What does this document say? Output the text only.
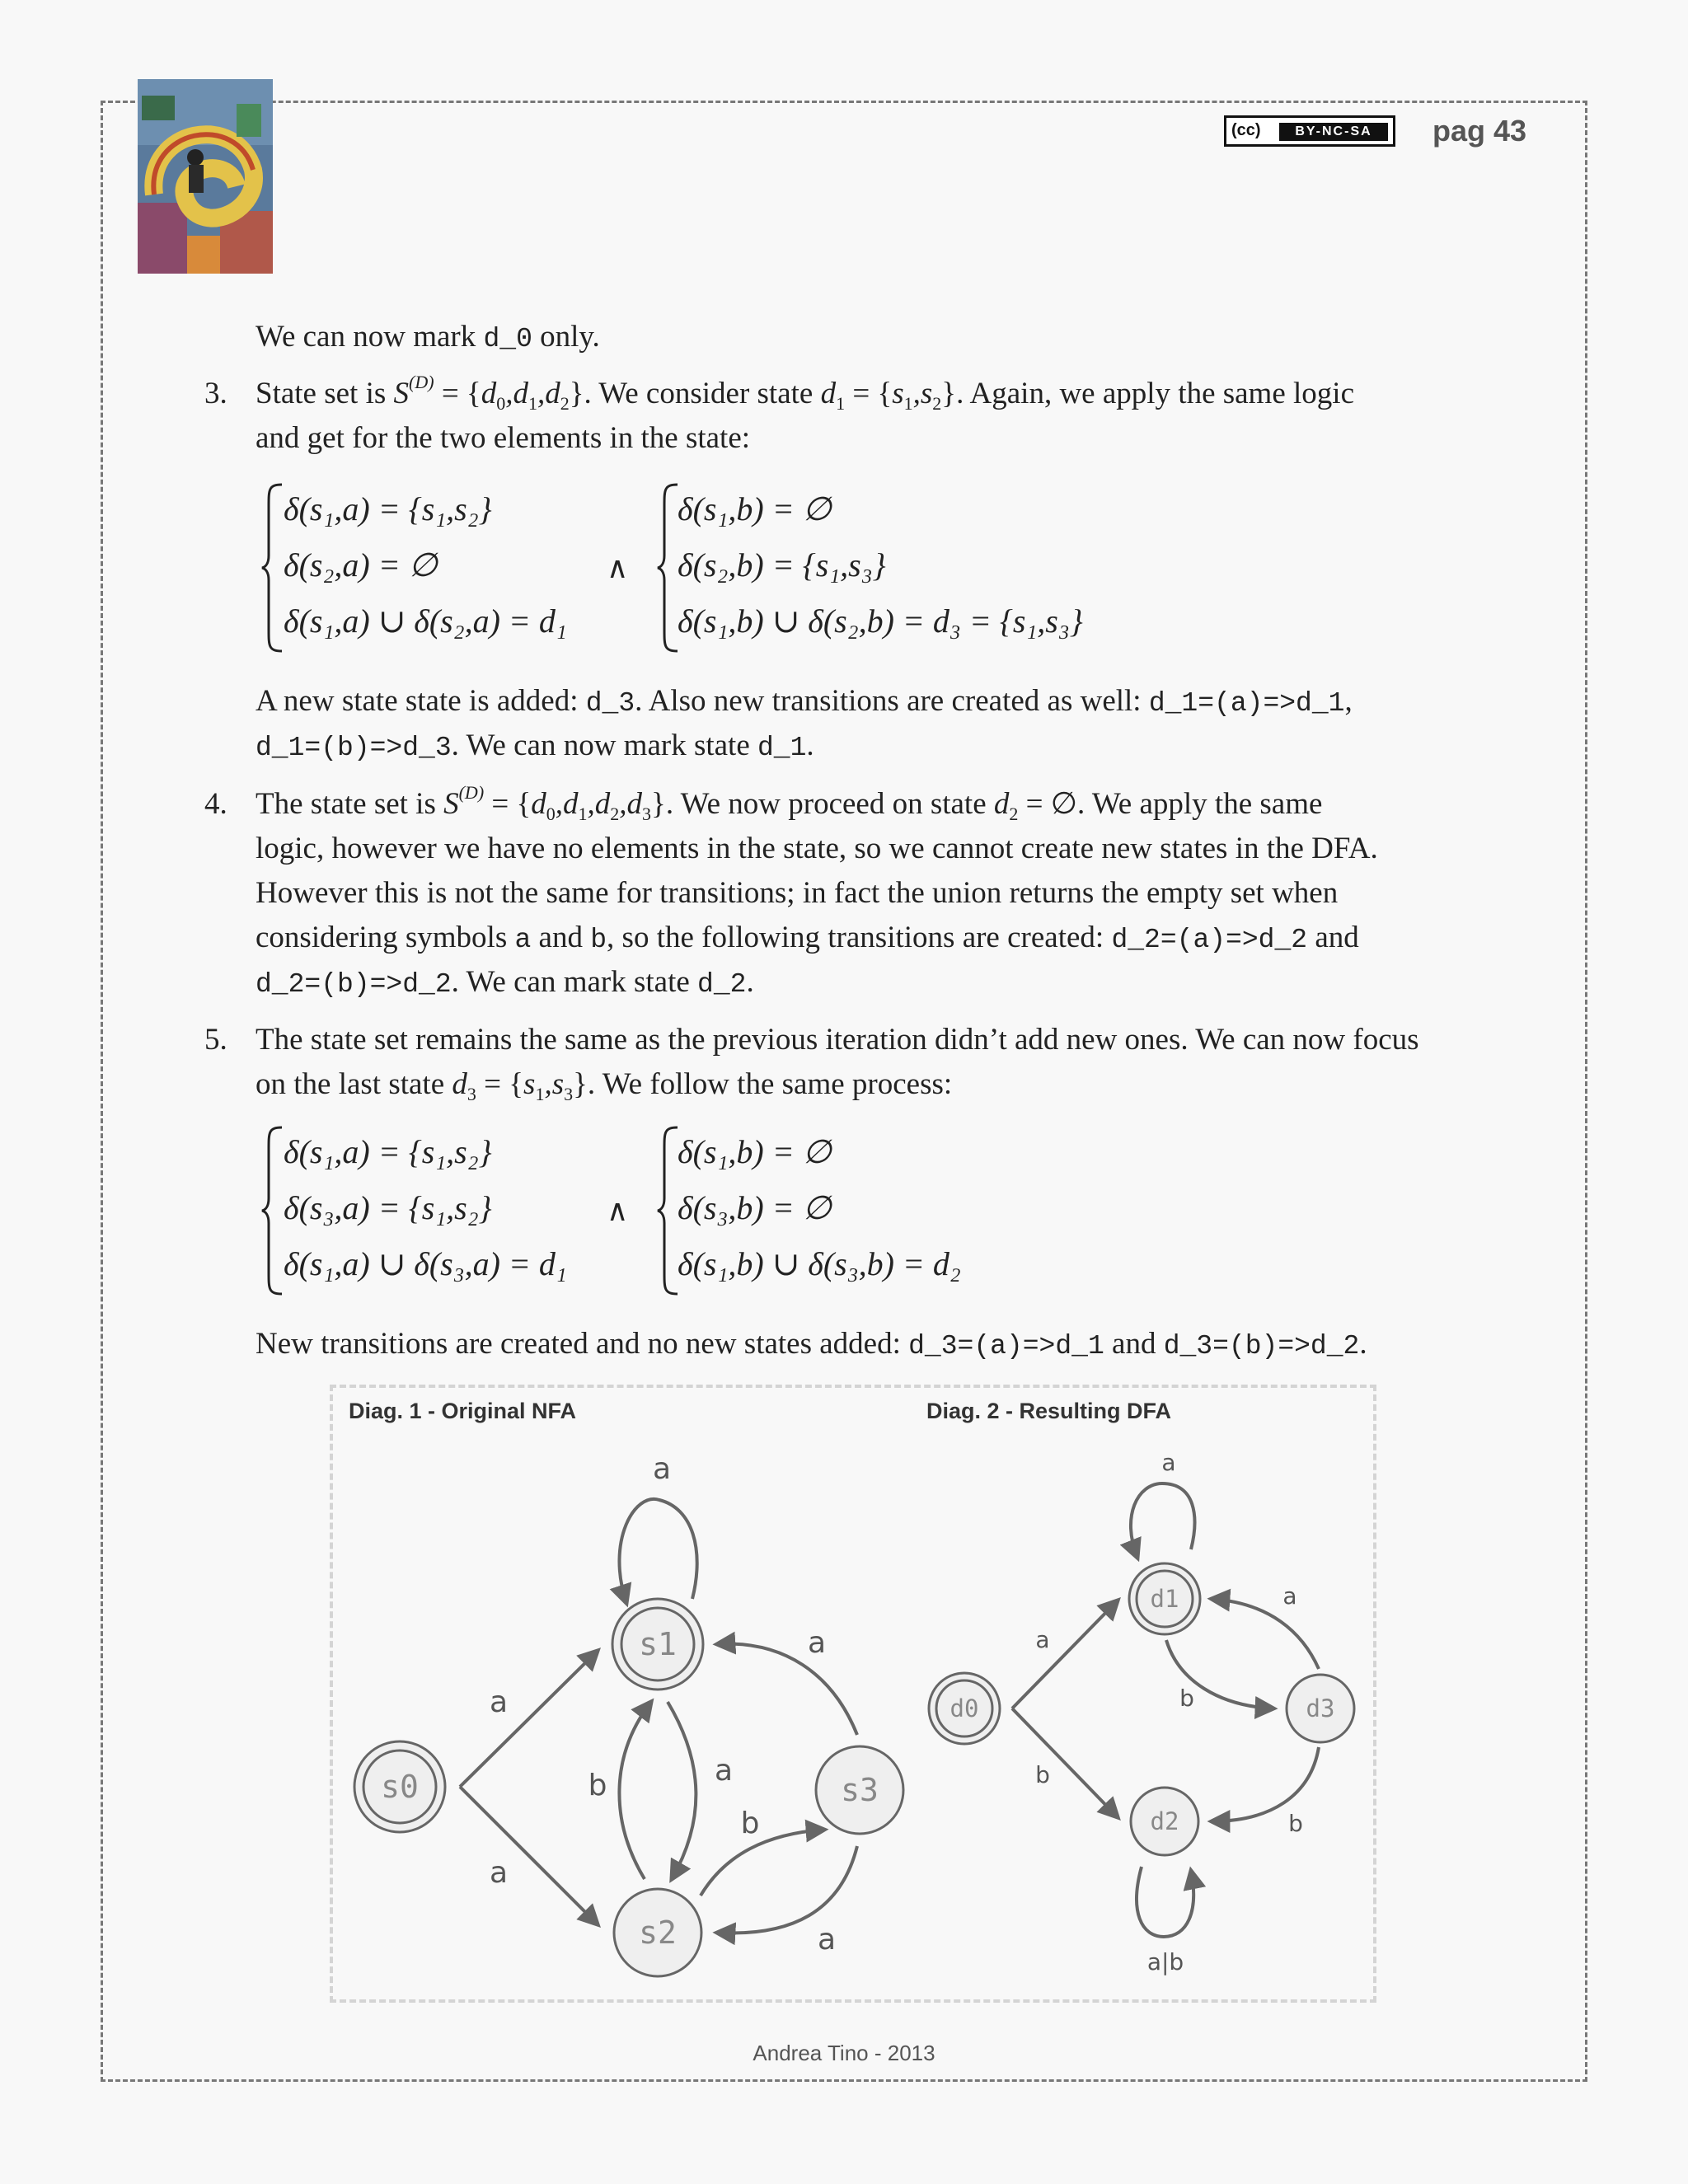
(cc)	BY-NC-SA	pag 43
We can now mark d_0 only.
3. State set is $S^{(D)} = \{d_0,d_1,d_2\}$. We consider state $d_1 = \{s_1,s_2\}$. Again, we apply the same logic
and get for the two elements in the state:
δ(s₁,a) = {s₁,s₂}
δ(s₂,a) = ∅
δ(s₁,a) ∪ δ(s₂,a) = d₁
∧
δ(s₁,b) = ∅
δ(s₂,b) = {s₁,s₃}
δ(s₁,b) ∪ δ(s₂,b) = d₃ = {s₁,s₃}
A new state state is added: d_3. Also new transitions are created as well: d_1=(a)=>d_1,
d_1=(b)=>d_3. We can now mark state d_1.
4. The state set is $S^{(D)} = \{d_0,d_1,d_2,d_3\}$. We now proceed on state $d_2$ = ∅. We apply the same
logic, however we have no elements in the state, so we cannot create new states in the DFA.
However this is not the same for transitions; in fact the union returns the empty set when
considering symbols a and b, so the following transitions are created: d_2=(a)=>d_2 and
d_2=(b)=>d_2. We can mark state d_2.
5. The state set remains the same as the previous iteration didn’t add new ones. We can now focus
on the last state $d_3 = \{s_1,s_3\}$. We follow the same process:
δ(s₁,a) = {s₁,s₂}
δ(s₃,a) = {s₁,s₂}
δ(s₁,a) ∪ δ(s₃,a) = d₁
∧
δ(s₁,b) = ∅
δ(s₃,b) = ∅
δ(s₁,b) ∪ δ(s₃,b) = d₂
New transitions are created and no new states added: d_3=(a)=>d_1 and d_3=(b)=>d_2.
Diag. 1 - Original NFA	Diag. 2 - Resulting DFA
s0
s1
s2
s3
d0
d1
d2
d3
a
a
a
b	a
a
b
a
a
a
b
b
a
b
a|b
Andrea Tino - 2013
